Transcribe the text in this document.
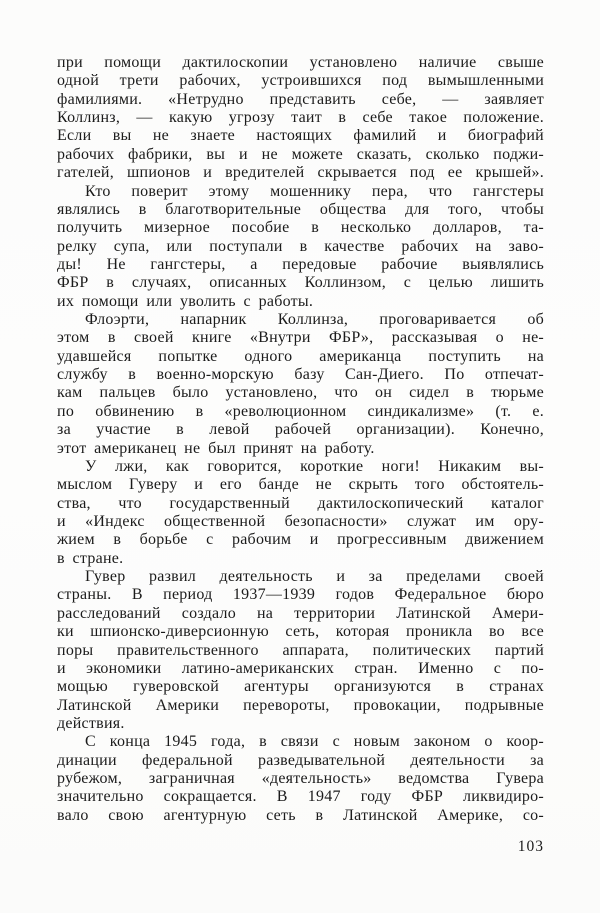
при помощи дактилоскопии установлено наличие свыше
одной трети рабочих, устроившихся под вымышленными
фамилиями. «Нетрудно представить себе, — заявляет
Коллинз, — какую угрозу таит в себе такое положение.
Если вы не знаете настоящих фамилий и биографий
рабочих фабрики, вы и не можете сказать, сколько поджи-
гателей, шпионов и вредителей скрывается под ее крышей».
Кто поверит этому мошеннику пера, что гангстеры
являлись в благотворительные общества для того, чтобы
получить мизерное пособие в несколько долларов, та-
релку супа, или поступали в качестве рабочих на заво-
ды! Не гангстеры, а передовые рабочие выявлялись
ФБР в случаях, описанных Коллинзом, с целью лишить
их помощи или уволить с работы.
Флоэрти, напарник Коллинза, проговаривается об
этом в своей книге «Внутри ФБР», рассказывая о не-
удавшейся попытке одного американца поступить на
службу в военно-морскую базу Сан-Диего. По отпечат-
кам пальцев было установлено, что он сидел в тюрьме
по обвинению в «революционном синдикализме» (т. е.
за участие в левой рабочей организации). Конечно,
этот американец не был принят на работу.
У лжи, как говорится, короткие ноги! Никаким вы-
мыслом Гуверу и его банде не скрыть того обстоятель-
ства, что государственный дактилоскопический каталог
и «Индекс общественной безопасности» служат им ору-
жием в борьбе с рабочим и прогрессивным движением
в стране.
Гувер развил деятельность и за пределами своей
страны. В период 1937—1939 годов Федеральное бюро
расследований создало на территории Латинской Амери-
ки шпионско-диверсионную сеть, которая проникла во все
поры правительственного аппарата, политических партий
и экономики латино-американских стран. Именно с по-
мощью гуверовской агентуры организуются в странах
Латинской Америки перевороты, провокации, подрывные
действия.
С конца 1945 года, в связи с новым законом о коор-
динации федеральной разведывательной деятельности за
рубежом, заграничная «деятельность» ведомства Гувера
значительно сокращается. В 1947 году ФБР ликвидиро-
вало свою агентурную сеть в Латинской Америке, со-
103
